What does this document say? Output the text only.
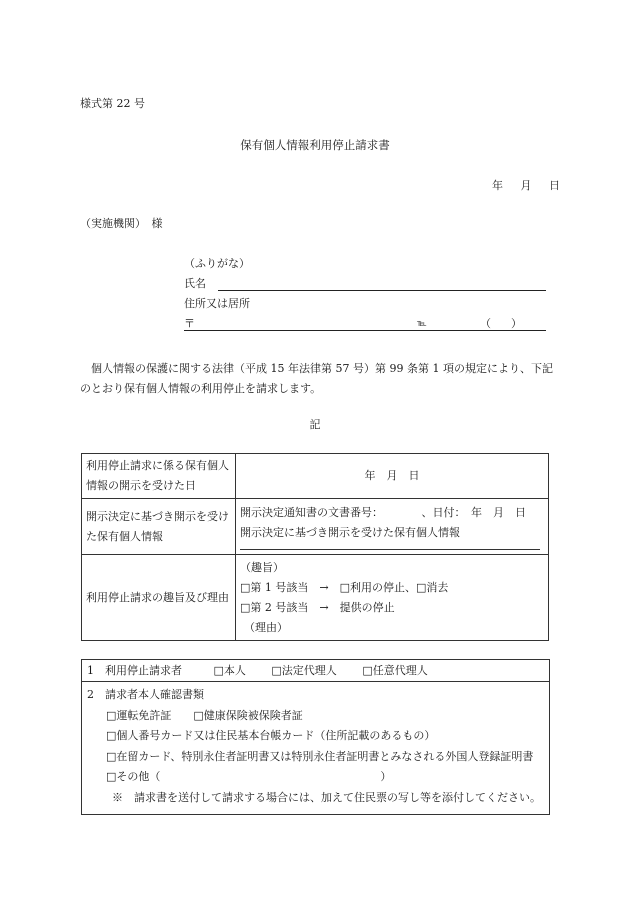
様式第 22 号
保有個人情報利用停止請求書
年 月 日
（実施機関）　様
（ふりがな）
氏名
住所又は居所
〒	℡	（ ）
　個人情報の保護に関する法律（平成 15 年法律第 57 号）第 99 条第 1 項の規定により、下記のとおり保有個人情報の利用停止を請求します。
記
利用停止請求に係る保有個人情報の開示を受けた日	年　月　日
開示決定に基づき開示を受けた保有個人情報	開示決定通知書の文書番号：　　　　、日付：　年　月　日
開示決定に基づき開示を受けた保有個人情報

利用停止請求の趣旨及び理由	（趣旨）
□第 1 号該当　→　□利用の停止、□消去
□第 2 号該当　→　提供の停止
（理由）
1　利用停止請求者	□本人 □法定代理人 □任意代理人
2　請求者本人確認書類
□運転免許証　　□健康保険被保険者証
□個人番号カード又は住民基本台帳カード（住所記載のあるもの）
□在留カード、特別永住者証明書又は特別永住者証明書とみなされる外国人登録証明書
□その他（　　　　　　　　　　　　　　　　　　　　）
※　請求書を送付して請求する場合には、加えて住民票の写し等を添付してください。
